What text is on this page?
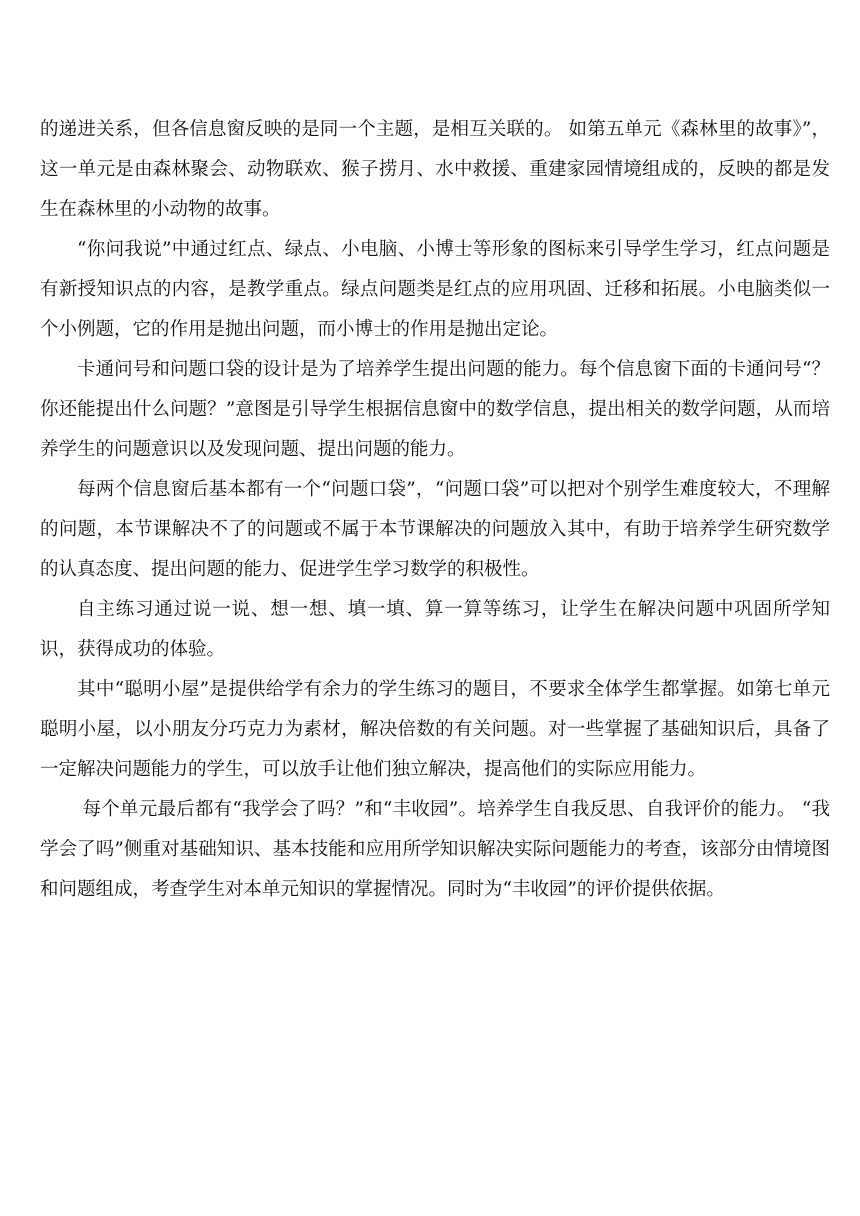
的递进关系，但各信息窗反映的是同一个主题，是相互关联的。 如第五单元《森林里的故事》”，这一单元是由森林聚会、动物联欢、猴子捞月、水中救援、重建家园情境组成的，反映的都是发生在森林里的小动物的故事。

“你问我说”中通过红点、绿点、小电脑、小博士等形象的图标来引导学生学习，红点问题是有新授知识点的内容，是教学重点。绿点问题类是红点的应用巩固、迁移和拓展。小电脑类似一个小例题，它的作用是抛出问题，而小博士的作用是抛出定论。

卡通问号和问题口袋的设计是为了培养学生提出问题的能力。每个信息窗下面的卡通问号“？你还能提出什么问题？”意图是引导学生根据信息窗中的数学信息，提出相关的数学问题，从而培养学生的问题意识以及发现问题、提出问题的能力。

每两个信息窗后基本都有一个“问题口袋”，“问题口袋”可以把对个别学生难度较大，不理解的问题，本节课解决不了的问题或不属于本节课解决的问题放入其中，有助于培养学生研究数学的认真态度、提出问题的能力、促进学生学习数学的积极性。

自主练习通过说一说、想一想、填一填、算一算等练习，让学生在解决问题中巩固所学知识，获得成功的体验。

其中“聪明小屋”是提供给学有余力的学生练习的题目，不要求全体学生都掌握。如第七单元聪明小屋，以小朋友分巧克力为素材，解决倍数的有关问题。对一些掌握了基础知识后，具备了一定解决问题能力的学生，可以放手让他们独立解决，提高他们的实际应用能力。

每个单元最后都有“我学会了吗？”和“丰收园”。培养学生自我反思、自我评价的能力。 “我学会了吗”侧重对基础知识、基本技能和应用所学知识解决实际问题能力的考查，该部分由情境图和问题组成，考查学生对本单元知识的掌握情况。同时为“丰收园”的评价提供依据。
